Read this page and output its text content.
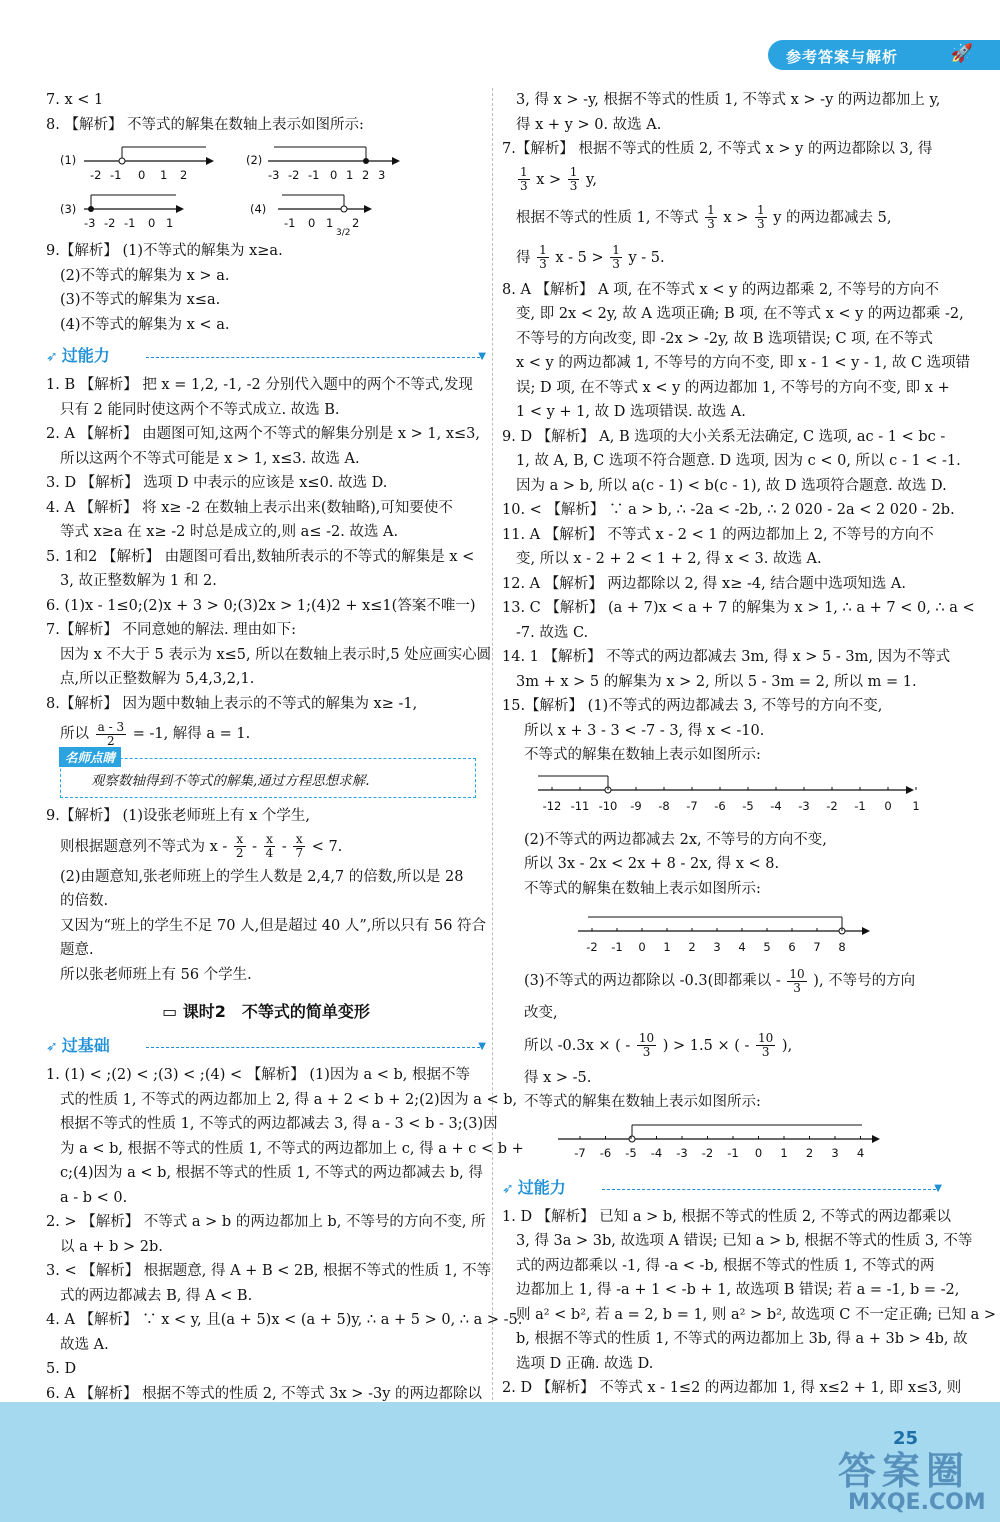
参考答案与解析	🚀
7. x < 1
8. 【解析】 不等式的解集在数轴上表示如图所示:
(1)
-2 -1 0 1 2
(2)
-3 -2 -1 0 1 2 3
(3)
-3 -2 -1 0 1
(4)
-1 0 1 2
3/2
9.【解析】 (1)不等式的解集为 x≥a.
(2)不等式的解集为 x > a.
(3)不等式的解集为 x≤a.
(4)不等式的解集为 x < a.
➶ 过能力	▼
1. B 【解析】 把 x = 1,2, -1, -2 分别代入题中的两个不等式,发现
只有 2 能同时使这两个不等式成立. 故选 B.
2. A 【解析】 由题图可知,这两个不等式的解集分别是 x > 1, x≤3,
所以这两个不等式可能是 x > 1, x≤3. 故选 A.
3. D 【解析】 选项 D 中表示的应该是 x≤0. 故选 D.
4. A 【解析】 将 x≥ -2 在数轴上表示出来(数轴略),可知要使不
等式 x≥a 在 x≥ -2 时总是成立的,则 a≤ -2. 故选 A.
5. 1和2 【解析】 由题图可看出,数轴所表示的不等式的解集是 x <
3, 故正整数解为 1 和 2.
6. (1)x - 1≤0;(2)x + 3 > 0;(3)2x > 1;(4)2 + x≤1(答案不唯一)
7.【解析】 不同意她的解法. 理由如下:
因为 x 不大于 5 表示为 x≤5, 所以在数轴上表示时,5 处应画实心圆
点,所以正整数解为 5,4,3,2,1.
8.【解析】 因为题中数轴上表示的不等式的解集为 x≥ -1,
所以 $\frac{a - 3}{2} = -1$, 解得 a = 1.
名师点睛
观察数轴得到不等式的解集,通过方程思想求解.
9.【解析】 (1)设张老师班上有 x 个学生,
则根据题意列不等式为 $x - \frac{x}{2} - \frac{x}{4} - \frac{x}{7} < 7$.
(2)由题意知,张老师班上的学生人数是 2,4,7 的倍数,所以是 28
的倍数.
又因为“班上的学生不足 70 人,但是超过 40 人”,所以只有 56 符合
题意.
所以张老师班上有 56 个学生.
▭ 课时2　不等式的简单变形
➶ 过基础	▼
1. (1) < ;(2) < ;(3) < ;(4) < 【解析】 (1)因为 a < b, 根据不等
式的性质 1, 不等式的两边都加上 2, 得 a + 2 < b + 2;(2)因为 a < b,
根据不等式的性质 1, 不等式的两边都减去 3, 得 a - 3 < b - 3;(3)因
为 a < b, 根据不等式的性质 1, 不等式的两边都加上 c, 得 a + c < b +
c;(4)因为 a < b, 根据不等式的性质 1, 不等式的两边都减去 b, 得
a - b < 0.
2. > 【解析】 不等式 a > b 的两边都加上 b, 不等号的方向不变, 所
以 a + b > 2b.
3. < 【解析】 根据题意, 得 A + B < 2B, 根据不等式的性质 1, 不等
式的两边都减去 B, 得 A < B.
4. A 【解析】 ∵ x < y, 且(a + 5)x < (a + 5)y, ∴ a + 5 > 0, ∴ a > -5.
故选 A.
5. D
6. A 【解析】 根据不等式的性质 2, 不等式 3x > -3y 的两边都除以
3, 得 x > -y, 根据不等式的性质 1, 不等式 x > -y 的两边都加上 y,
得 x + y > 0. 故选 A.
7.【解析】 根据不等式的性质 2, 不等式 x > y 的两边都除以 3, 得
$\frac{1}{3}$ $x > \frac{1}{3} y$,
根据不等式的性质 1, 不等式 $\frac{1}{3}$ $x > \frac{1}{3}$ y 的两边都减去 5,
得 $\frac{1}{3}$ $x - 5 > \frac{1}{3}$ y - 5.
8. A 【解析】 A 项, 在不等式 x < y 的两边都乘 2, 不等号的方向不
变, 即 2x < 2y, 故 A 选项正确; B 项, 在不等式 x < y 的两边都乘 -2,
不等号的方向改变, 即 -2x > -2y, 故 B 选项错误; C 项, 在不等式
x < y 的两边都减 1, 不等号的方向不变, 即 x - 1 < y - 1, 故 C 选项错
误; D 项, 在不等式 x < y 的两边都加 1, 不等号的方向不变, 即 x +
1 < y + 1, 故 D 选项错误. 故选 A.
9. D 【解析】 A, B 选项的大小关系无法确定, C 选项, ac - 1 < bc -
1, 故 A, B, C 选项不符合题意. D 选项, 因为 c < 0, 所以 c - 1 < -1.
因为 a > b, 所以 a(c - 1) < b(c - 1), 故 D 选项符合题意. 故选 D.
10. < 【解析】 ∵ a > b, ∴ -2a < -2b, ∴ 2 020 - 2a < 2 020 - 2b.
11. A 【解析】 不等式 x - 2 < 1 的两边都加上 2, 不等号的方向不
变, 所以 x - 2 + 2 < 1 + 2, 得 x < 3. 故选 A.
12. A 【解析】 两边都除以 2, 得 x≥ -4, 结合题中选项知选 A.
13. C 【解析】 (a + 7)x < a + 7 的解集为 x > 1, ∴ a + 7 < 0, ∴ a <
-7. 故选 C.
14. 1 【解析】 不等式的两边都减去 3m, 得 x > 5 - 3m, 因为不等式
3m + x > 5 的解集为 x > 2, 所以 5 - 3m = 2, 所以 m = 1.
15.【解析】 (1)不等式的两边都减去 3, 不等号的方向不变,
所以 x + 3 - 3 < -7 - 3, 得 x < -10.
不等式的解集在数轴上表示如图所示:
-12 -11 -10 -9 -8 -7 -6 -5 -4 -3 -2 -1 0 1
(2)不等式的两边都减去 2x, 不等号的方向不变,
所以 3x - 2x < 2x + 8 - 2x, 得 x < 8.
不等式的解集在数轴上表示如图所示:
-2 -1 0 1 2 3 4 5 6 7 8
(3)不等式的两边都除以 -0.3(即都乘以 - $\frac{10}{3}$ ), 不等号的方向
改变,
所以 -0.3x × ( - $\frac{10}{3}$ ) > 1.5 × ( - $\frac{10}{3}$ ),
得 x > -5.
不等式的解集在数轴上表示如图所示:
-7 -6 -5 -4 -3 -2 -1 0 1 2 3 4
➶ 过能力	▼
1. D 【解析】 已知 a > b, 根据不等式的性质 2, 不等式的两边都乘以
3, 得 3a > 3b, 故选项 A 错误; 已知 a > b, 根据不等式的性质 3, 不等
式的两边都乘以 -1, 得 -a < -b, 根据不等式的性质 1, 不等式的两
边都加上 1, 得 -a + 1 < -b + 1, 故选项 B 错误; 若 a = -1, b = -2,
则 a² < b², 若 a = 2, b = 1, 则 a² > b², 故选项 C 不一定正确; 已知 a >
b, 根据不等式的性质 1, 不等式的两边都加上 3b, 得 a + 3b > 4b, 故
选项 D 正确. 故选 D.
2. D 【解析】 不等式 x - 1≤2 的两边都加 1, 得 x≤2 + 1, 即 x≤3, 则
25
答案圈
MXQE.COM
